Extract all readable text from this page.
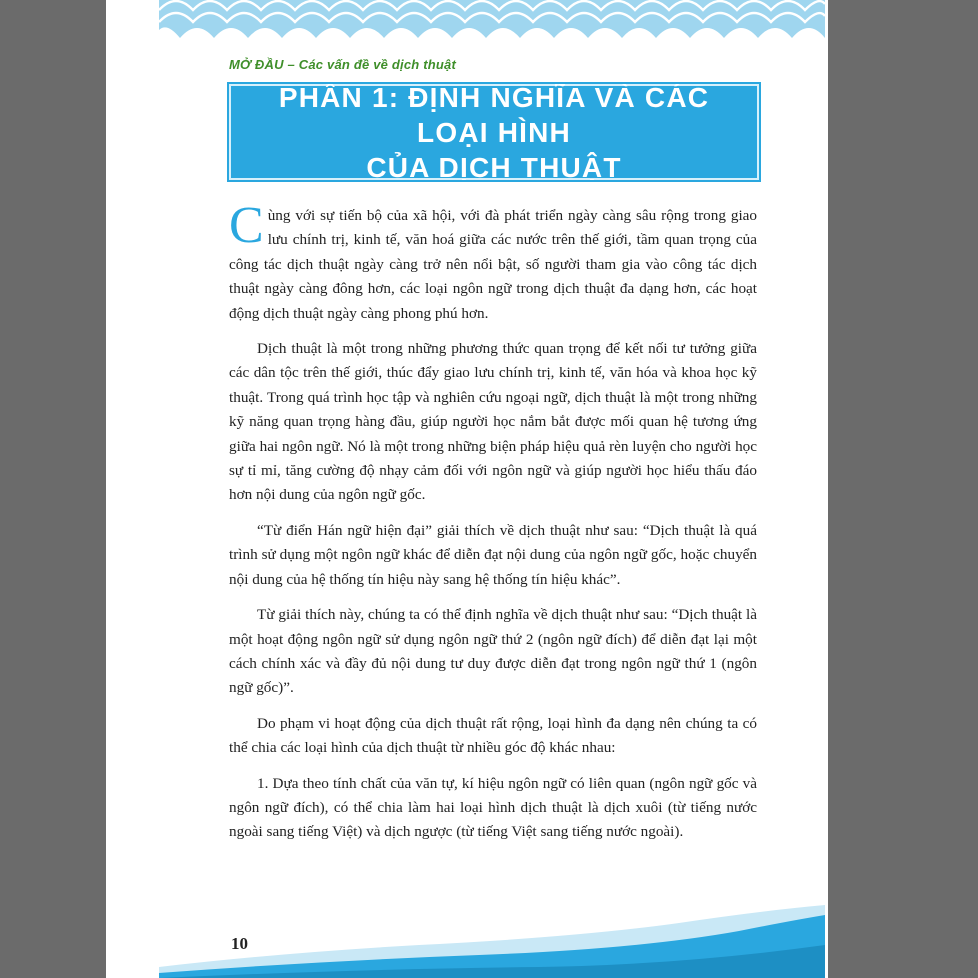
MỞ ĐẦU – Các vấn đề về dịch thuật
PHẦN 1: ĐỊNH NGHĨA VÀ CÁC LOẠI HÌNH
CỦA DỊCH THUẬT

Cùng với sự tiến bộ của xã hội, với đà phát triển ngày càng sâu rộng trong giao lưu chính trị, kinh tế, văn hoá giữa các nước trên thế giới, tầm quan trọng của công tác dịch thuật ngày càng trở nên nổi bật, số người tham gia vào công tác dịch thuật ngày càng đông hơn, các loại ngôn ngữ trong dịch thuật đa dạng hơn, các hoạt động dịch thuật ngày càng phong phú hơn.

Dịch thuật là một trong những phương thức quan trọng để kết nối tư tưởng giữa các dân tộc trên thế giới, thúc đẩy giao lưu chính trị, kinh tế, văn hóa và khoa học kỹ thuật. Trong quá trình học tập và nghiên cứu ngoại ngữ, dịch thuật là một trong những kỹ năng quan trọng hàng đầu, giúp người học nắm bắt được mối quan hệ tương ứng giữa hai ngôn ngữ. Nó là một trong những biện pháp hiệu quả rèn luyện cho người học sự tỉ mỉ, tăng cường độ nhạy cảm đối với ngôn ngữ và giúp người học hiểu thấu đáo hơn nội dung của ngôn ngữ gốc.

“Từ điển Hán ngữ hiện đại” giải thích về dịch thuật như sau: “Dịch thuật là quá trình sử dụng một ngôn ngữ khác để diễn đạt nội dung của ngôn ngữ gốc, hoặc chuyển nội dung của hệ thống tín hiệu này sang hệ thống tín hiệu khác”.

Từ giải thích này, chúng ta có thể định nghĩa về dịch thuật như sau: “Dịch thuật là một hoạt động ngôn ngữ sử dụng ngôn ngữ thứ 2 (ngôn ngữ đích) để diễn đạt lại một cách chính xác và đầy đủ nội dung tư duy được diễn đạt trong ngôn ngữ thứ 1 (ngôn ngữ gốc)”.

Do phạm vi hoạt động của dịch thuật rất rộng, loại hình đa dạng nên chúng ta có thể chia các loại hình của dịch thuật từ nhiều góc độ khác nhau:

1. Dựa theo tính chất của văn tự, kí hiệu ngôn ngữ có liên quan (ngôn ngữ gốc và ngôn ngữ đích), có thể chia làm hai loại hình dịch thuật là dịch xuôi (từ tiếng nước ngoài sang tiếng Việt) và dịch ngược (từ tiếng Việt sang tiếng nước ngoài).

10
